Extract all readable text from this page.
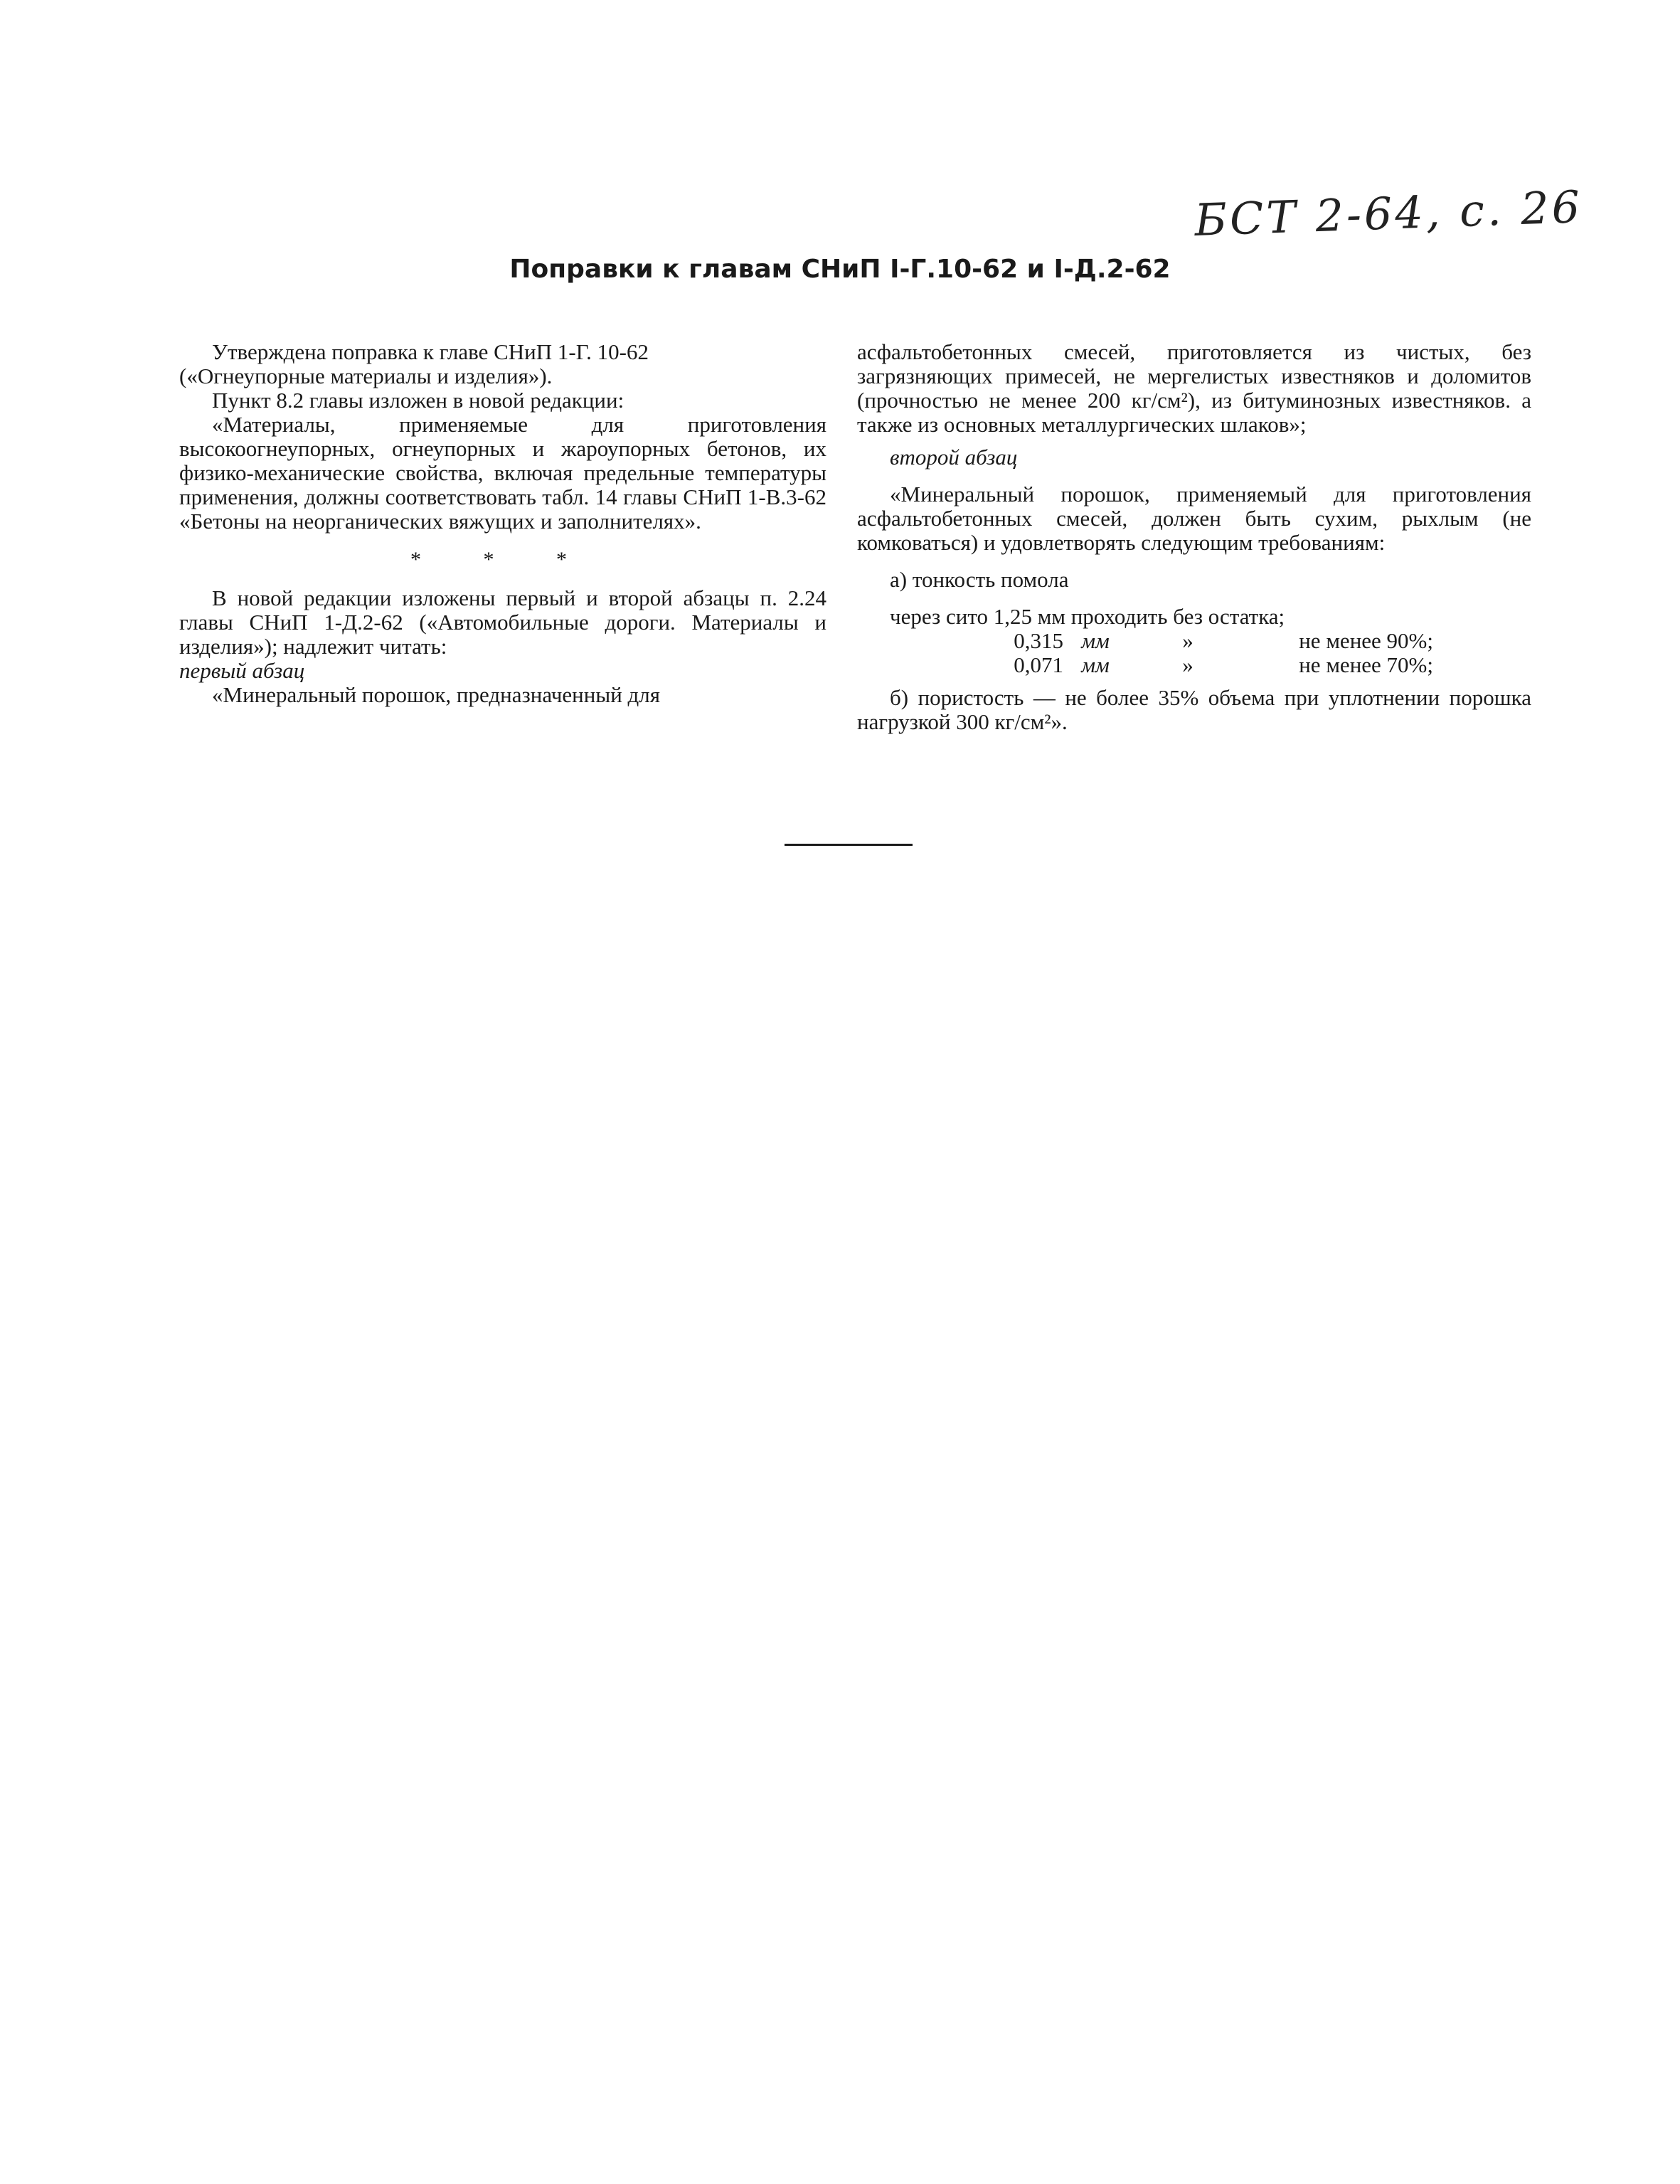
БСТ 2-64, с. 26
Поправки к главам СНиП I-Г.10-62 и I-Д.2-62

Утверждена поправка к главе СНиП 1-Г. 10-62

(«Огнеупорные материалы и изделия»).

Пункт 8.2 главы изложен в новой редакции:

«Материалы, применяемые для приготовления высокоогнеупорных, огнеупорных и жароупорных бетонов, их физико-механические свойства, включая предельные температуры применения, должны соответствовать табл. 14 главы СНиП 1-В.3-62 «Бетоны на неорганических вяжущих и заполнителях».

* * *

В новой редакции изложены первый и второй абзацы п. 2.24 главы СНиП 1-Д.2-62 («Автомобильные дороги. Материалы и изделия»); надлежит читать:

первый абзац

«Минеральный порошок, предназначенный для

асфальтобетонных смесей, приготовляется из чистых, без загрязняющих примесей, не мергелистых известняков и доломитов (прочностью не менее 200 кг/см²), из битуминозных известняков. а также из основных металлургических шлаков»;

второй абзац

«Минеральный порошок, применяемый для приготовления асфальтобетонных смесей, должен быть сухим, рыхлым (не комковаться) и удовлетворять следующим требованиям:

а) тонкость помола

через сито 1,25 мм проходить без остатка;

0,315 мм	»	не менее 90%;
0,071 мм	»	не менее 70%;

б) пористость — не более 35% объема при уплотнении порошка нагрузкой 300 кг/см²».
